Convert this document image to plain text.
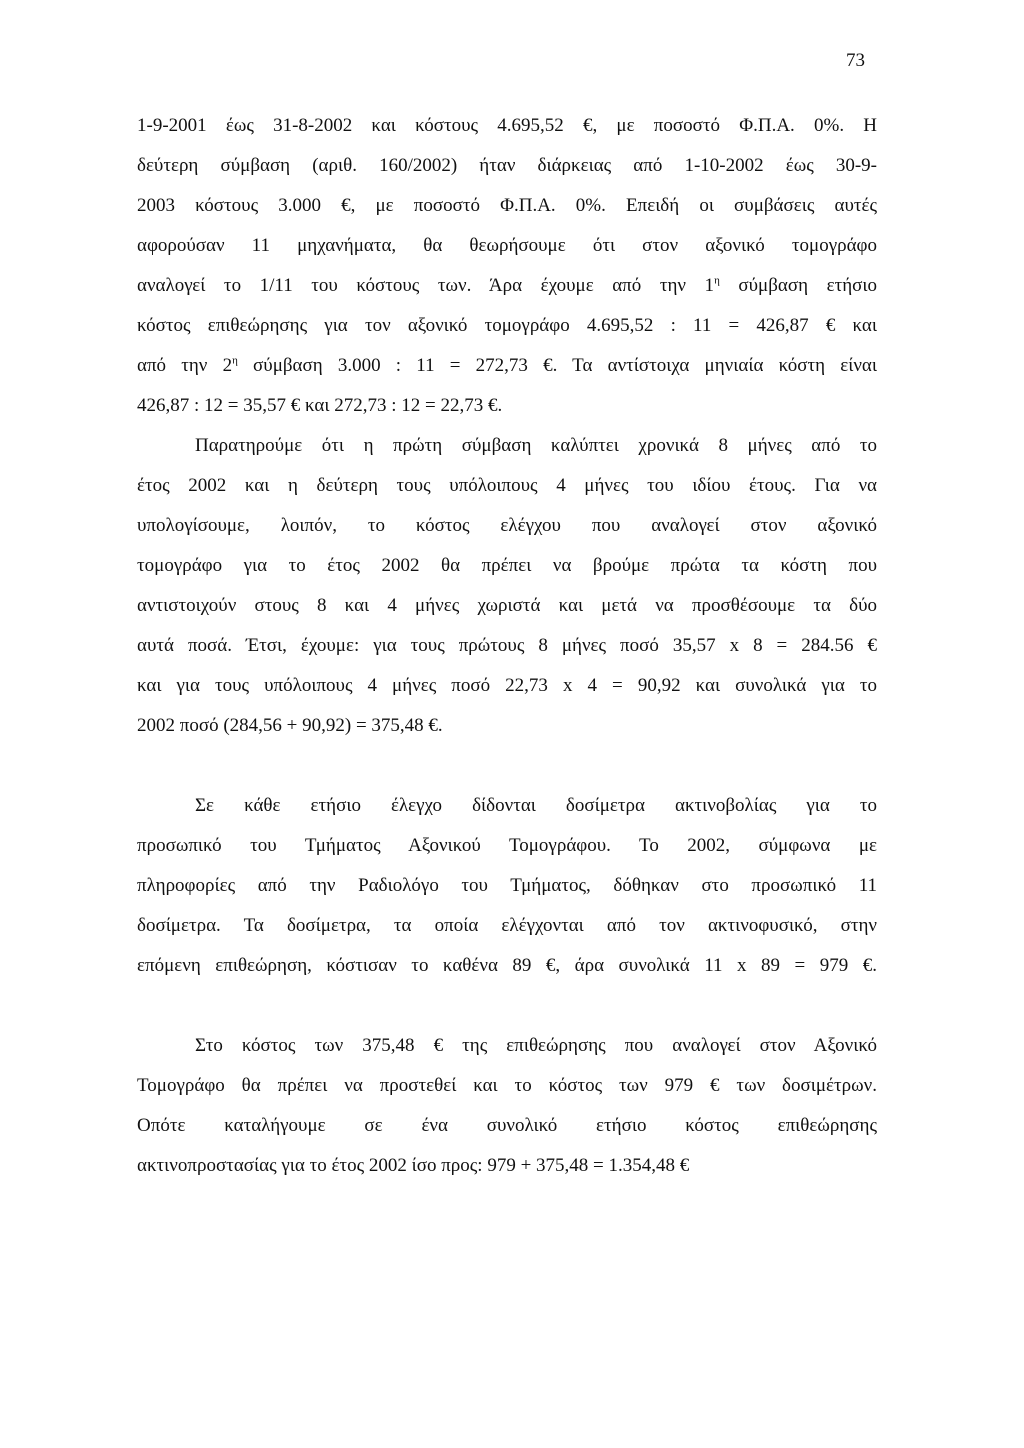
73
1-9-2001 έως 31-8-2002 και κόστους 4.695,52 €, με ποσοστό Φ.Π.Α. 0%. Η
δεύτερη σύμβαση (αριθ. 160/2002) ήταν διάρκειας από 1-10-2002 έως 30-9-
2003 κόστους 3.000 €, με ποσοστό Φ.Π.Α. 0%. Επειδή οι συμβάσεις αυτές
αφορούσαν 11 μηχανήματα, θα θεωρήσουμε ότι στον αξονικό τομογράφο
αναλογεί το 1/11 του κόστους των. Άρα έχουμε από την $1^\eta$ σύμβαση ετήσιο
κόστος επιθεώρησης για τον αξονικό τομογράφο 4.695,52 : 11 = 426,87 € και
από την $2^\eta$ σύμβαση 3.000 : 11 = 272,73 €. Τα αντίστοιχα μηνιαία κόστη είναι
426,87 : 12 = 35,57 € και 272,73 : 12 = 22,73 €.
Παρατηρούμε ότι η πρώτη σύμβαση καλύπτει χρονικά 8 μήνες από το
έτος 2002 και η δεύτερη τους υπόλοιπους 4 μήνες του ιδίου έτους. Για να
υπολογίσουμε, λοιπόν, το κόστος ελέγχου που αναλογεί στον αξονικό
τομογράφο για το έτος 2002 θα πρέπει να βρούμε πρώτα τα κόστη που
αντιστοιχούν στους 8 και 4 μήνες χωριστά και μετά να προσθέσουμε τα δύο
αυτά ποσά. Έτσι, έχουμε: για τους πρώτους 8 μήνες ποσό 35,57 x 8 = 284.56 €
και για τους υπόλοιπους 4 μήνες ποσό 22,73 x 4 = 90,92 και συνολικά για το
2002 ποσό (284,56 + 90,92) = 375,48 €.
Σε κάθε ετήσιο έλεγχο δίδονται δοσίμετρα ακτινοβολίας για το
προσωπικό του Τμήματος Αξονικού Τομογράφου. Το 2002, σύμφωνα με
πληροφορίες από την Ραδιολόγο του Τμήματος, δόθηκαν στο προσωπικό 11
δοσίμετρα. Τα δοσίμετρα, τα οποία ελέγχονται από τον ακτινοφυσικό, στην
επόμενη επιθεώρηση, κόστισαν το καθένα 89 €, άρα συνολικά 11 x 89 = 979 €.
Στο κόστος των 375,48 € της επιθεώρησης που αναλογεί στον Αξονικό
Τομογράφο θα πρέπει να προστεθεί και το κόστος των 979 € των δοσιμέτρων.
Οπότε καταλήγουμε σε ένα συνολικό ετήσιο κόστος επιθεώρησης
ακτινοπροστασίας για το έτος 2002 ίσο προς: 979 + 375,48 = 1.354,48 €
